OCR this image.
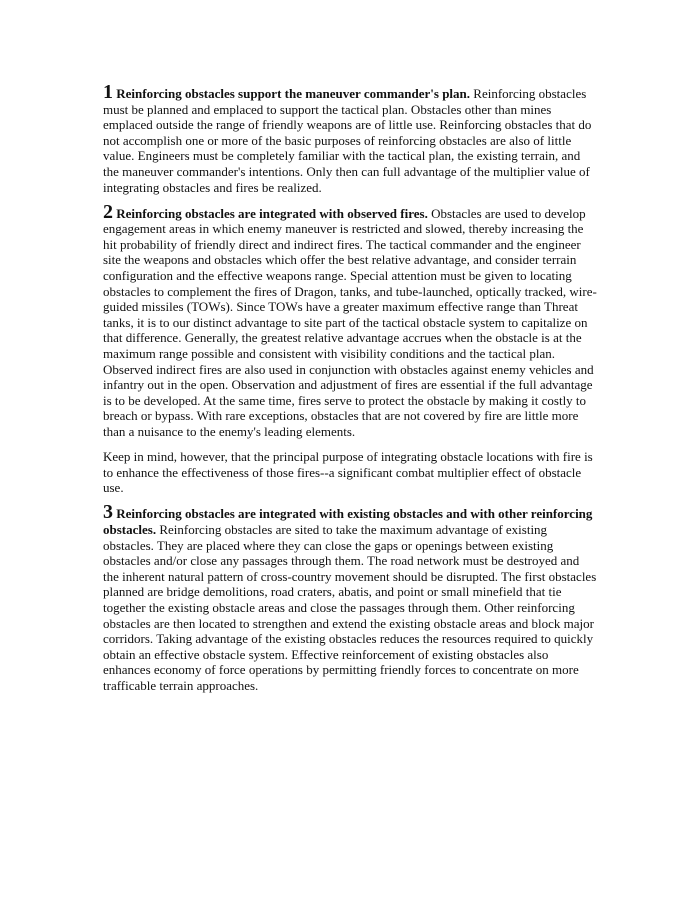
1 Reinforcing obstacles support the maneuver commander's plan. Reinforcing obstacles must be planned and emplaced to support the tactical plan. Obstacles other than mines emplaced outside the range of friendly weapons are of little use. Reinforcing obstacles that do not accomplish one or more of the basic purposes of reinforcing obstacles are also of little value. Engineers must be completely familiar with the tactical plan, the existing terrain, and the maneuver commander's intentions. Only then can full advantage of the multiplier value of integrating obstacles and fires be realized.

2 Reinforcing obstacles are integrated with observed fires. Obstacles are used to develop engagement areas in which enemy maneuver is restricted and slowed, thereby increasing the hit probability of friendly direct and indirect fires. The tactical commander and the engineer site the weapons and obstacles which offer the best relative advantage, and consider terrain configuration and the effective weapons range. Special attention must be given to locating obstacles to complement the fires of Dragon, tanks, and tube-launched, optically tracked, wire-guided missiles (TOWs). Since TOWs have a greater maximum effective range than Threat tanks, it is to our distinct advantage to site part of the tactical obstacle system to capitalize on that difference. Generally, the greatest relative advantage accrues when the obstacle is at the maximum range possible and consistent with visibility conditions and the tactical plan. Observed indirect fires are also used in conjunction with obstacles against enemy vehicles and infantry out in the open. Observation and adjustment of fires are essential if the full advantage is to be developed. At the same time, fires serve to protect the obstacle by making it costly to breach or bypass. With rare exceptions, obstacles that are not covered by fire are little more than a nuisance to the enemy's leading elements.

Keep in mind, however, that the principal purpose of integrating obstacle locations with fire is to enhance the effectiveness of those fires--a significant combat multiplier effect of obstacle use.

3 Reinforcing obstacles are integrated with existing obstacles and with other reinforcing obstacles. Reinforcing obstacles are sited to take the maximum advantage of existing obstacles. They are placed where they can close the gaps or openings between existing obstacles and/or close any passages through them. The road network must be destroyed and the inherent natural pattern of cross-country movement should be disrupted. The first obstacles planned are bridge demolitions, road craters, abatis, and point or small minefield that tie together the existing obstacle areas and close the passages through them. Other reinforcing obstacles are then located to strengthen and extend the existing obstacle areas and block major corridors. Taking advantage of the existing obstacles reduces the resources required to quickly obtain an effective obstacle system. Effective reinforcement of existing obstacles also enhances economy of force operations by permitting friendly forces to concentrate on more trafficable terrain approaches.
